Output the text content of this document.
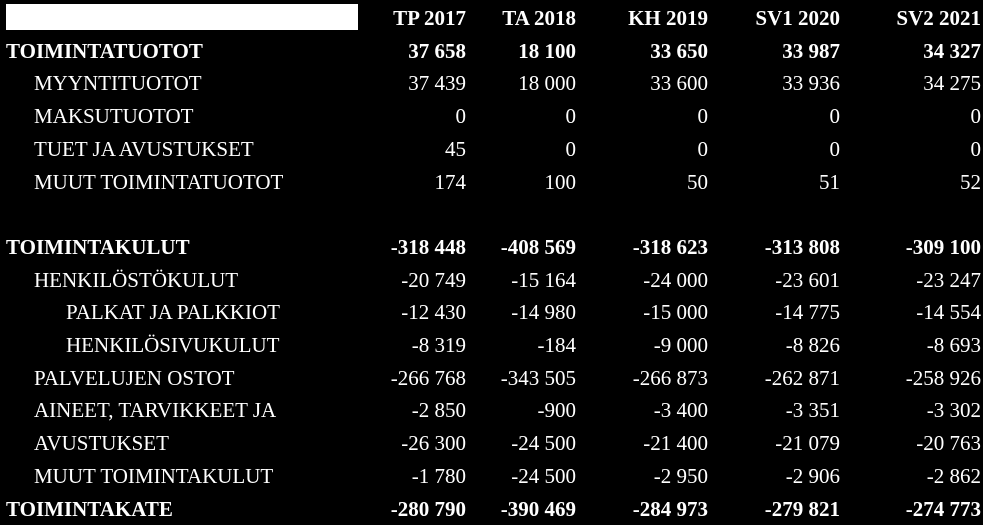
	TP 2017	TA 2018	KH 2019	SV1 2020	SV2 2021
TOIMINTATUOTOT	37 658	18 100	33 650	33 987	34 327
MYYNTITUOTOT	37 439	18 000	33 600	33 936	34 275
MAKSUTUOTOT	0	0	0	0	0
TUET JA AVUSTUKSET	45	0	0	0	0
MUUT TOIMINTATUOTOT	174	100	50	51	52

TOIMINTAKULUT	-318 448	-408 569	-318 623	-313 808	-309 100
HENKILÖSTÖKULUT	-20 749	-15 164	-24 000	-23 601	-23 247
PALKAT JA PALKKIOT	-12 430	-14 980	-15 000	-14 775	-14 554
HENKILÖSIVUKULUT	-8 319	-184	-9 000	-8 826	-8 693
PALVELUJEN OSTOT	-266 768	-343 505	-266 873	-262 871	-258 926
AINEET, TARVIKKEET JA	-2 850	-900	-3 400	-3 351	-3 302
AVUSTUKSET	-26 300	-24 500	-21 400	-21 079	-20 763
MUUT TOIMINTAKULUT	-1 780	-24 500	-2 950	-2 906	-2 862
TOIMINTAKATE	-280 790	-390 469	-284 973	-279 821	-274 773
